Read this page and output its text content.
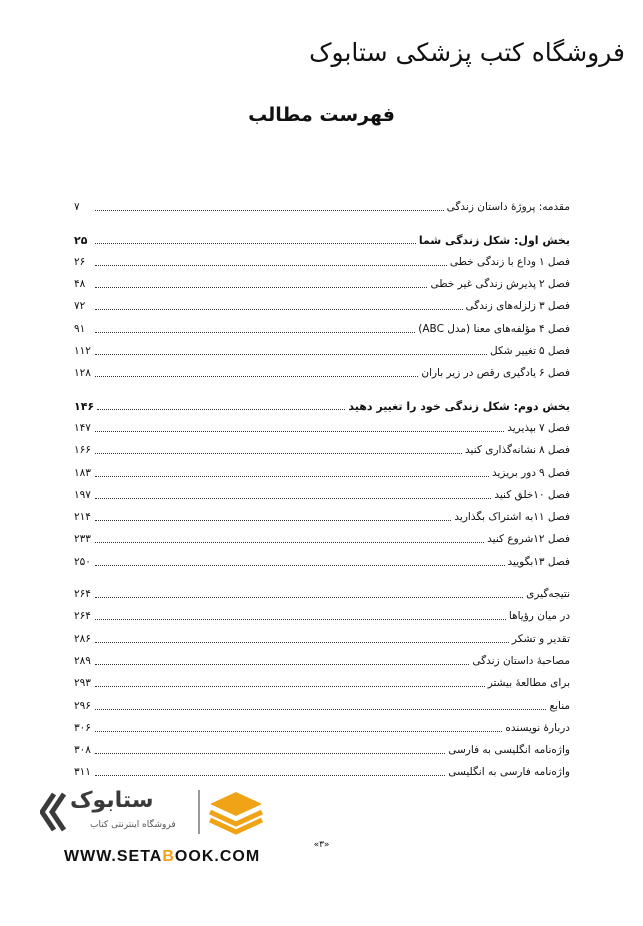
فروشگاه کتب پزشکی ستابوک
فهرست مطالب
مقدمه: پروژۀ داستان زندگی
۷
بخش اول: شکل زندگی شما
۲۵
فصل ۱وداع با زندگی خطی
۲۶
فصل ۲پذیرش زندگی غیر خطی
۴۸
فصل ۳زلزله‌های زندگی
۷۲
فصل ۴مؤلفه‌های معنا (مدل ABC)
۹۱
فصل ۵تغییر شکل
۱۱۲
فصل ۶یادگیری رقص در زیر باران
۱۲۸
بخش دوم: شکل زندگی خود را تغییر دهید
۱۴۶
فصل ۷بپذیرید
۱۴۷
فصل ۸نشانه‌گذاری کنید
۱۶۶
فصل ۹دور بریزید
۱۸۳
فصل ۱۰خلق کنید
۱۹۷
فصل ۱۱به اشتراک بگذارید
۲۱۴
فصل ۱۲شروع کنید
۲۳۳
فصل ۱۳بگویید
۲۵۰
نتیجه‌گیری
۲۶۴
در میان رؤیاها
۲۶۴
تقدیر و تشکر
۲۸۶
مصاحبۀ داستان زندگی
۲۸۹
برای مطالعۀ بیشتر
۲۹۳
منابع
۲۹۶
دربارۀ نویسنده
۳۰۶
واژه‌نامه انگلیسی به فارسی
۳۰۸
واژه‌نامه فارسی به انگلیسی
۳۱۱
ستابوک
فروشگاه اینترنتی کتاب
«۳»
WWW.SETABOOK.COM
